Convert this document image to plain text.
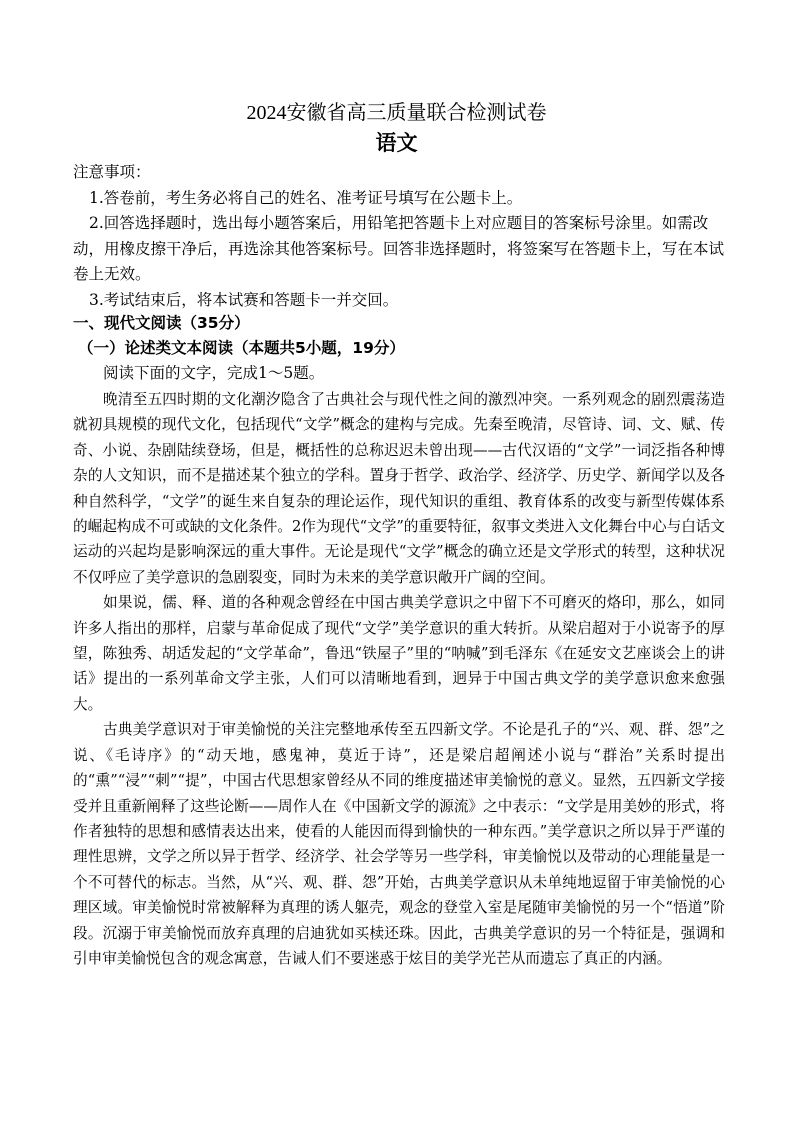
2024安徽省高三质量联合检测试卷
语文

注意事项：

1.答卷前，考生务必将自己的姓名、准考证号填写在公题卡上。

2.回答选择题时，选出每小题答案后，用铅笔把答题卡上对应题目的答案标号涂里。如需改动，用橡皮擦干净后，再选涂其他答案标号。回答非选择题时，将签案写在答题卡上，写在本试卷上无效。

3.考试结束后，将本试赛和答题卡一并交回。

一、现代文阅读（35分）
（一）论述类文本阅读（本题共5小题，19分）
阅读下面的文字，完成1～5题。

晚清至五四时期的文化潮汐隐含了古典社会与现代性之间的激烈冲突。一系列观念的剧烈震荡造就初具规模的现代文化，包括现代“文学”概念的建构与完成。先秦至晚清，尽管诗、词、文、赋、传奇、小说、杂剧陆续登场，但是，概括性的总称迟迟未曾出现——古代汉语的“文学”一词泛指各种博杂的人文知识，而不是描述某个独立的学科。置身于哲学、政治学、经济学、历史学、新闻学以及各种自然科学，“文学”的诞生来自复杂的理论运作，现代知识的重组、教育体系的改变与新型传媒体系的崛起构成不可或缺的文化条件。2作为现代“文学”的重要特征，叙事文类进入文化舞台中心与白话文运动的兴起均是影响深远的重大事件。无论是现代“文学”概念的确立还是文学形式的转型，这种状况不仅呼应了美学意识的急剧裂变，同时为未来的美学意识敞开广阔的空间。

如果说，儒、释、道的各种观念曾经在中国古典美学意识之中留下不可磨灭的烙印，那么，如同许多人指出的那样，启蒙与革命促成了现代“文学”美学意识的重大转折。从梁启超对于小说寄予的厚望，陈独秀、胡适发起的“文学革命”，鲁迅“铁屋子”里的“呐喊”到毛泽东《在延安文艺座谈会上的讲话》提出的一系列革命文学主张，人们可以清晰地看到，迥异于中国古典文学的美学意识愈来愈强大。

古典美学意识对于审美愉悦的关注完整地承传至五四新文学。不论是孔子的“兴、观、群、怨”之说、《毛诗序》的“动天地，感鬼神，莫近于诗”，还是梁启超阐述小说与“群治”关系时提出的“熏”“浸”“刺”“提”，中国古代思想家曾经从不同的维度描述审美愉悦的意义。显然，五四新文学接受并且重新阐释了这些论断——周作人在《中国新文学的源流》之中表示：“文学是用美妙的形式，将作者独特的思想和感情表达出来，使看的人能因而得到愉快的一种东西。”美学意识之所以异于严谨的理性思辨，文学之所以异于哲学、经济学、社会学等另一些学科，审美愉悦以及带动的心理能量是一个不可替代的标志。当然，从“兴、观、群、怨”开始，古典美学意识从未单纯地逗留于审美愉悦的心理区域。审美愉悦时常被解释为真理的诱人躯壳，观念的登堂入室是尾随审美愉悦的另一个“悟道”阶段。沉溺于审美愉悦而放弃真理的启迪犹如买椟还珠。因此，古典美学意识的另一个特征是，强调和引申审美愉悦包含的观念寓意，告诫人们不要迷惑于炫目的美学光芒从而遗忘了真正的内涵。
